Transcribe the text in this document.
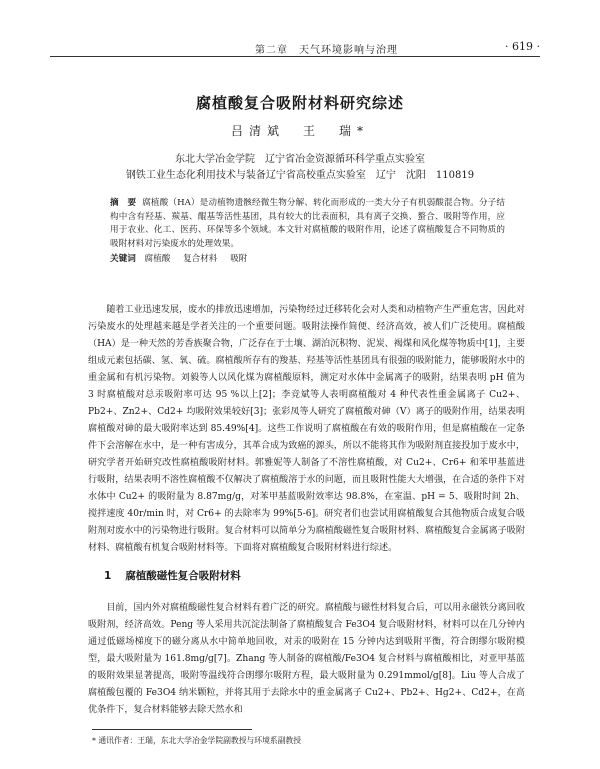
第二章　天气环境影响与治理	· 619 ·
腐植酸复合吸附材料研究综述
吕清斌　王　瑞*
东北大学冶金学院　辽宁省冶金资源循环科学重点实验室
钢铁工业生态化利用技术与装备辽宁省高校重点实验室　辽宁　沈阳　110819
摘　要 腐植酸（HA）是动植物遗骸经微生物分解、转化而形成的一类大分子有机弱酸混合物。分子结构中含有羟基、羰基、醌基等活性基团，具有较大的比表面积，具有离子交换、螯合、吸附等作用，应用于农业、化工、医药、环保等多个领域。本文针对腐植酸的吸附作用，论述了腐植酸复合不同物质的吸附材料对污染废水的处理效果。
关键词 腐植酸 复合材料 吸附

随着工业迅速发展，废水的排放迅速增加，污染物经过迁移转化会对人类和动植物产生严重危害，因此对污染废水的处理越来越是学者关注的一个重要问题。吸附法操作简便、经济高效，被人们广泛使用。腐植酸（HA）是一种天然的芳香族聚合物，广泛存在于土壤、湖泊沉积物、泥炭、褐煤和风化煤等物质中[1]，主要组成元素包括碳、氢、氧、硫。腐植酸所存有的羧基、羟基等活性基团具有很强的吸附能力，能够吸附水中的重金属和有机污染物。刘毅等人以风化煤为腐植酸原料，测定对水体中金属离子的吸附，结果表明 pH 值为 3 时腐植酸对总汞吸附率可达 95 %以上[2]；李竞斌等人表明腐植酸对 4 种代表性重金属离子 Cu2+、Pb2+、Zn2+、Cd2+ 均吸附效果较好[3]；张彩凤等人研究了腐植酸对砷（V）离子的吸附作用，结果表明腐植酸对砷的最大吸附率达到 85.49%[4]。这些工作说明了腐植酸在有效的吸附作用，但是腐植酸在一定条件下会溶解在水中，是一种有害成分，其革合成为致癌的源头，所以不能将其作为吸附剂直接投加于废水中，研究学者开始研究改性腐植酸吸附材料。郭雅妮等人制备了不溶性腐植酸，对 Cu2+、Cr6+ 和苯甲基蓝进行吸附，结果表明不溶性腐植酸不仅解决了腐植酸溶于水的问题，而且吸附性能大大增强，在合适的条件下对水体中 Cu2+ 的吸附量为 8.87mg/g，对苯甲基蓝吸附效率达 98.8%，在室温、pH = 5、吸附时间 2h、搅拌速度 40r/min 时，对 Cr6+ 的去除率为 99%[5-6]。研究者们也尝试用腐植酸复合其他物质合成复合吸附剂对废水中的污染物进行吸附。复合材料可以简单分为腐植酸磁性复合吸附材料、腐植酸复合金属离子吸附材料、腐植酸有机复合吸附材料等。下面将对腐植酸复合吸附材料进行综述。

1 腐植酸磁性复合吸附材料

目前，国内外对腐植酸磁性复合材料有着广泛的研究。腐植酸与磁性材料复合后，可以用永磁铁分离回收吸附剂，经济高效。Peng 等人采用共沉淀法制备了腐植酸复合 Fe3O4 复合吸附材料，材料可以在几分钟内通过低磁场梯度下的磁分离从水中简单地回收，对汞的吸附在 15 分钟内达到吸附平衡，符合朗缪尔吸附模型，最大吸附量为 161.8mg/g[7]。Zhang 等人制备的腐植酸/Fe3O4 复合材料与腐植酸相比，对亚甲基蓝的吸附效果显著提高，吸附等温线符合朗缪尔吸附方程，最大吸附量为 0.291mmol/g[8]。Liu 等人合成了腐植酸包覆的 Fe3O4 纳米颗粒，并将其用于去除水中的重金属离子 Cu2+、Pb2+、Hg2+、Cd2+，在高优条件下，复合材料能够去除天然水和

* 通讯作者：王瑞，东北大学冶金学院副教授与环境系副教授
